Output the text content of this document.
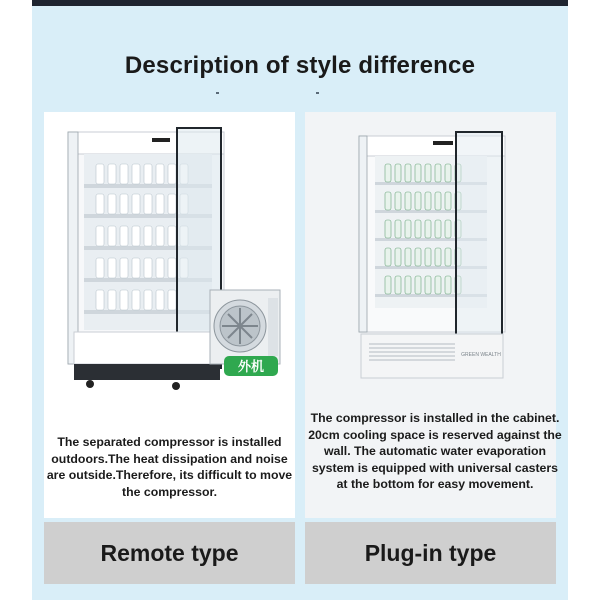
Description of style difference
外机
The separated compressor is installed outdoors.The heat dissipation and noise are outside.Therefore, its difficult to move the compressor.
GREEN WEALTH
The compressor is installed in the cabinet. 20cm cooling space is reserved against the wall. The automatic water evaporation system is equipped with universal casters at the bottom for easy movement.
Remote type	Plug-in type
